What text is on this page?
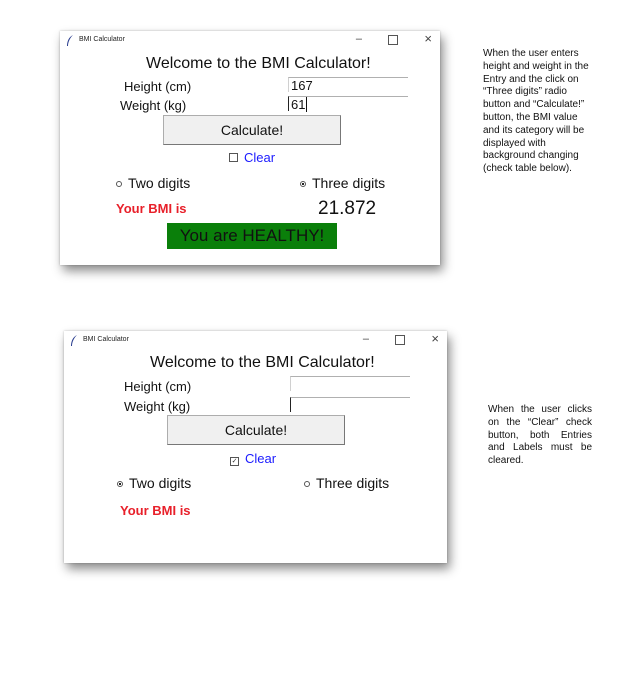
BMI Calculator	–	×
Welcome to the BMI Calculator!
Height (cm)	167
Weight (kg)	61
Calculate!
Clear
Two digits	Three digits
Your BMI is	21.872
You are HEALTHY!
When the user enters height and weight in the Entry and the click on “Three digits” radio button and “Calculate!” button, the BMI value and its category will be displayed with background changing (check table below).
BMI Calculator	–	×
Welcome to the BMI Calculator!
Height (cm)
Weight (kg)
Calculate!
✓ Clear
Two digits	Three digits
Your BMI is
When the user clicks on the “Clear” check button, both Entries and Labels must be cleared.
